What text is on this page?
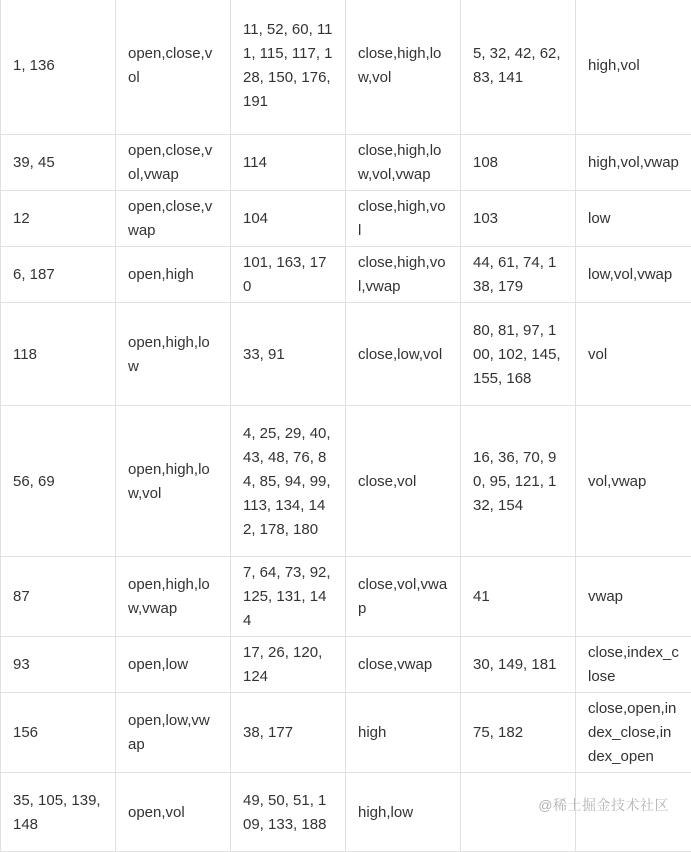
1, 136	open,close,vol	11, 52, 60, 111, 115, 117, 128, 150, 176, 191	close,high,low,vol	5, 32, 42, 62, 83, 141	high,vol
39, 45	open,close,vol,vwap	114	close,high,low,vol,vwap	108	high,vol,vwap
12	open,close,vwap	104	close,high,vol	103	low
6, 187	open,high	101, 163, 170	close,high,vol,vwap	44, 61, 74, 138, 179	low,vol,vwap
118	open,high,low	33, 91	close,low,vol	80, 81, 97, 100, 102, 145, 155, 168	vol
56, 69	open,high,low,vol	4, 25, 29, 40, 43, 48, 76, 84, 85, 94, 99, 113, 134, 142, 178, 180	close,vol	16, 36, 70, 90, 95, 121, 132, 154	vol,vwap
87	open,high,low,vwap	7, 64, 73, 92, 125, 131, 144	close,vol,vwap	41	vwap
93	open,low	17, 26, 120, 124	close,vwap	30, 149, 181	close,index_close
156	open,low,vwap	38, 177	high	75, 182	close,open,index_close,index_open
35, 105, 139, 148	open,vol	49, 50, 51, 109, 133, 188	high,low			@稀土掘金技术社区
